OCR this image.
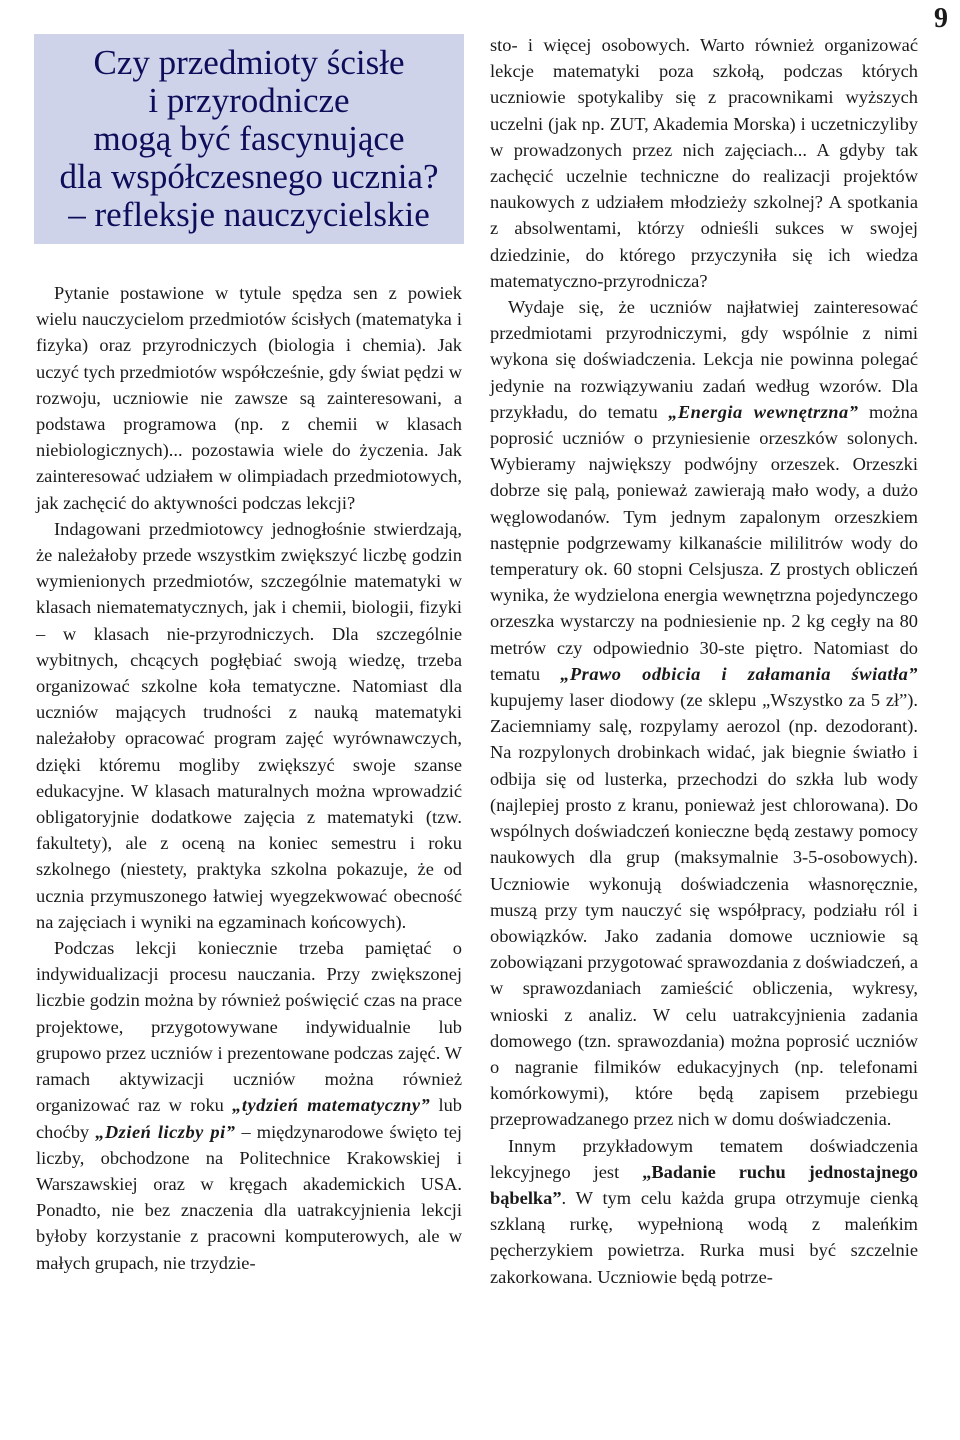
9
Czy przedmioty ścisłe
i przyrodnicze
mogą być fascynujące
dla współczesnego ucznia?
– refleksje nauczycielskie

Pytanie postawione w tytule spędza sen z powiek wielu nauczycielom przedmiotów ścisłych (matematyka i fizyka) oraz przyrodniczych (biologia i chemia). Jak uczyć tych przedmiotów współcześnie, gdy świat pędzi w rozwoju, uczniowie nie zawsze są zainteresowani, a podstawa programowa (np. z chemii w klasach niebiologicznych)... pozostawia wiele do życzenia. Jak zainteresować udziałem w olimpiadach przedmiotowych, jak zachęcić do aktywności podczas lekcji?

Indagowani przedmiotowcy jednogłośnie stwierdzają, że należałoby przede wszystkim zwiększyć liczbę godzin wymienionych przedmiotów, szczególnie matematyki w klasach niematematycznych, jak i chemii, biologii, fizyki – w klasach nie-przyrodniczych. Dla szczególnie wybitnych, chcących pogłębiać swoją wiedzę, trzeba organizować szkolne koła tematyczne. Natomiast dla uczniów mających trudności z nauką matematyki należałoby opracować program zajęć wyrównawczych, dzięki któremu mogliby zwiększyć swoje szanse edukacyjne. W klasach maturalnych można wprowadzić obligatoryjnie dodatkowe zajęcia z matematyki (tzw. fakultety), ale z oceną na koniec semestru i roku szkolnego (niestety, praktyka szkolna pokazuje, że od ucznia przymuszonego łatwiej wyegzekwować obecność na zajęciach i wyniki na egzaminach końcowych).

Podczas lekcji koniecznie trzeba pamiętać o indywidualizacji procesu nauczania. Przy zwiększonej liczbie godzin można by również poświęcić czas na prace projektowe, przygotowywane indywidualnie lub grupowo przez uczniów i prezentowane podczas zajęć. W ramach aktywizacji uczniów można również organizować raz w roku „tydzień matematyczny” lub choćby „Dzień liczby pi” – międzynarodowe święto tej liczby, obchodzone na Politechnice Krakowskiej i Warszawskiej oraz w kręgach akademickich USA. Ponadto, nie bez znaczenia dla uatrakcyjnienia lekcji byłoby korzystanie z pracowni komputerowych, ale w małych grupach, nie trzydzie-

sto- i więcej osobowych. Warto również organizować lekcje matematyki poza szkołą, podczas których uczniowie spotykaliby się z pracownikami wyższych uczelni (jak np. ZUT, Akademia Morska) i uczetniczyliby w prowadzonych przez nich zajęciach... A gdyby tak zachęcić uczelnie techniczne do realizacji projektów naukowych z udziałem młodzieży szkolnej? A spotkania z absolwentami, którzy odnieśli sukces w swojej dziedzinie, do którego przyczyniła się ich wiedza matematyczno-przyrodnicza?

Wydaje się, że uczniów najłatwiej zainteresować przedmiotami przyrodniczymi, gdy wspólnie z nimi wykona się doświadczenia. Lekcja nie powinna polegać jedynie na rozwiązywaniu zadań według wzorów. Dla przykładu, do tematu „Energia wewnętrzna” można poprosić uczniów o przyniesienie orzeszków solonych. Wybieramy największy podwójny orzeszek. Orzeszki dobrze się palą, ponieważ zawierają mało wody, a dużo węglowodanów. Tym jednym zapalonym orzeszkiem następnie podgrzewamy kilkanaście mililitrów wody do temperatury ok. 60 stopni Celsjusza. Z prostych obliczeń wynika, że wydzielona energia wewnętrzna pojedynczego orzeszka wystarczy na podniesienie np. 2 kg cegły na 80 metrów czy odpowiednio 30-ste piętro. Natomiast do tematu „Prawo odbicia i załamania światła” kupujemy laser diodowy (ze sklepu „Wszystko za 5 zł”). Zaciemniamy salę, rozpylamy aerozol (np. dezodorant). Na rozpylonych drobinkach widać, jak biegnie światło i odbija się od lusterka, przechodzi do szkła lub wody (najlepiej prosto z kranu, ponieważ jest chlorowana). Do wspólnych doświadczeń konieczne będą zestawy pomocy naukowych dla grup (maksymalnie 3-5-osobowych). Uczniowie wykonują doświadczenia własnoręcznie, muszą przy tym nauczyć się współpracy, podziału ról i obowiązków. Jako zadania domowe uczniowie są zobowiązani przygotować sprawozdania z doświadczeń, a w sprawozdaniach zamieścić obliczenia, wykresy, wnioski z analiz. W celu uatrakcyjnienia zadania domowego (tzn. sprawozdania) można poprosić uczniów o nagranie filmików edukacyjnych (np. telefonami komórkowymi), które będą zapisem przebiegu przeprowadzanego przez nich w domu doświadczenia.

Innym przykładowym tematem doświadczenia lekcyjnego jest „Badanie ruchu jednostajnego bąbelka”. W tym celu każda grupa otrzymuje cienką szklaną rurkę, wypełnioną wodą z maleńkim pęcherzykiem powietrza. Rurka musi być szczelnie zakorkowana. Uczniowie będą potrze-
